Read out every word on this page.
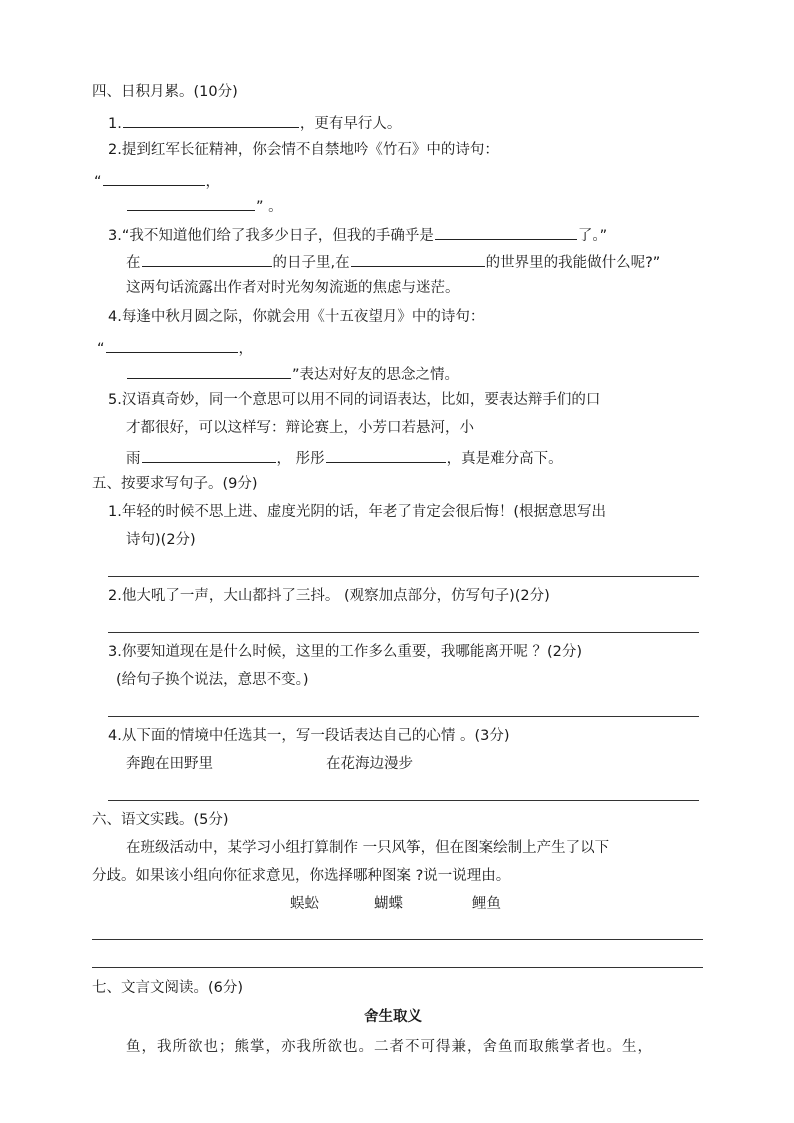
四、日积月累。(10分)
1.	，更有早行人。
2.提到红军长征精神，你会情不自禁地吟《竹石》中的诗句：
“	，
” 。
3.“我不知道他们给了我多少日子，但我的手确乎是	了。”
在	的日子里,在	的世界里的我能做什么呢?”
这两句话流露出作者对时光匆匆流逝的焦虑与迷茫。
4.每逢中秋月圆之际，你就会用《十五夜望月》中的诗句：
“	，
”表达对好友的思念之情。
5.汉语真奇妙，同一个意思可以用不同的词语表达，比如，要表达辩手们的口
才都很好，可以这样写：辩论赛上，小芳口若悬河，小
雨	， 彤彤	，真是难分高下。
五、按要求写句子。(9分)
1.年轻的时候不思上进、虚度光阴的话，年老了肯定会很后悔！(根据意思写出
诗句)(2分)
2.他大吼了一声，大山都抖了三抖。 (观察加点部分，仿写句子)(2分)
3.你要知道现在是什么时候，这里的工作多么重要，我哪能离开呢 ？(2分)
(给句子换个说法，意思不变。)
4.从下面的情境中任选其一，写一段话表达自己的心情 。(3分)
奔跑在田野里	在花海边漫步
六、语文实践。(5分)
在班级活动中，某学习小组打算制作 一只风筝，但在图案绘制上产生了以下
分歧。如果该小组向你征求意见，你选择哪种图案 ?说一说理由。
蜈蚣	蝴蝶	鲤鱼
七、文言文阅读。(6分)
舍生取义
鱼，我所欲也；熊掌，亦我所欲也。二者不可得兼，舍鱼而取熊掌者也。生，
